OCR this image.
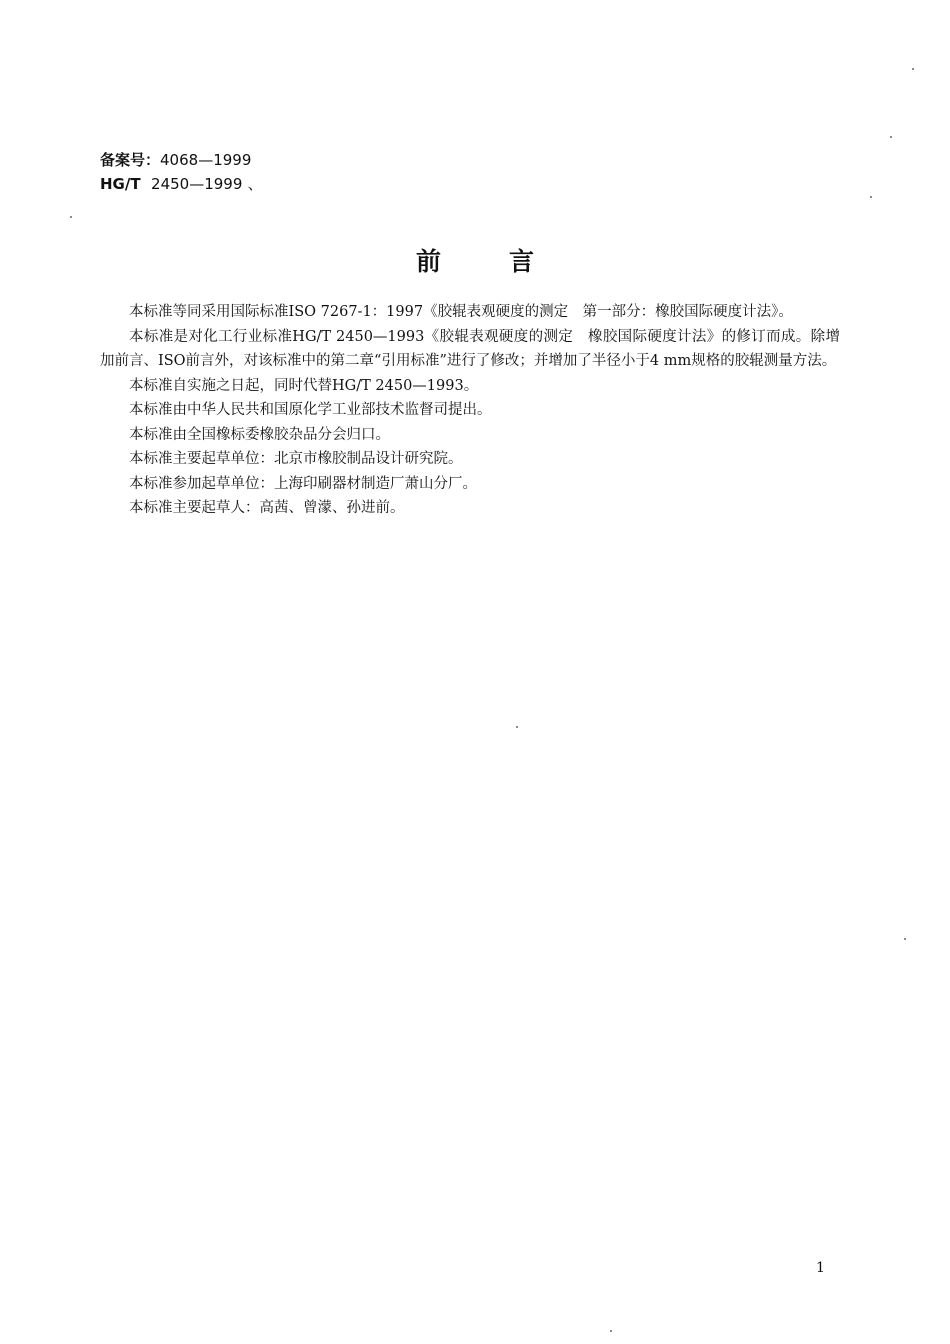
备案号：4068—1999
HG/T 2450—1999 、
前言

本标准等同采用国际标准ISO 7267-1：1997《胶辊表观硬度的测定　第一部分：橡胶国际硬度计法》。

本标准是对化工行业标准HG/T 2450—1993《胶辊表观硬度的测定　橡胶国际硬度计法》的修订而成。除增加前言、ISO前言外，对该标准中的第二章“引用标准”进行了修改；并增加了半径小于4 mm规格的胶辊测量方法。

本标准自实施之日起，同时代替HG/T 2450—1993。

本标准由中华人民共和国原化学工业部技术监督司提出。

本标准由全国橡标委橡胶杂品分会归口。

本标准主要起草单位：北京市橡胶制品设计研究院。

本标准参加起草单位：上海印刷器材制造厂萧山分厂。

本标准主要起草人：高茜、曾濛、孙进前。

1
